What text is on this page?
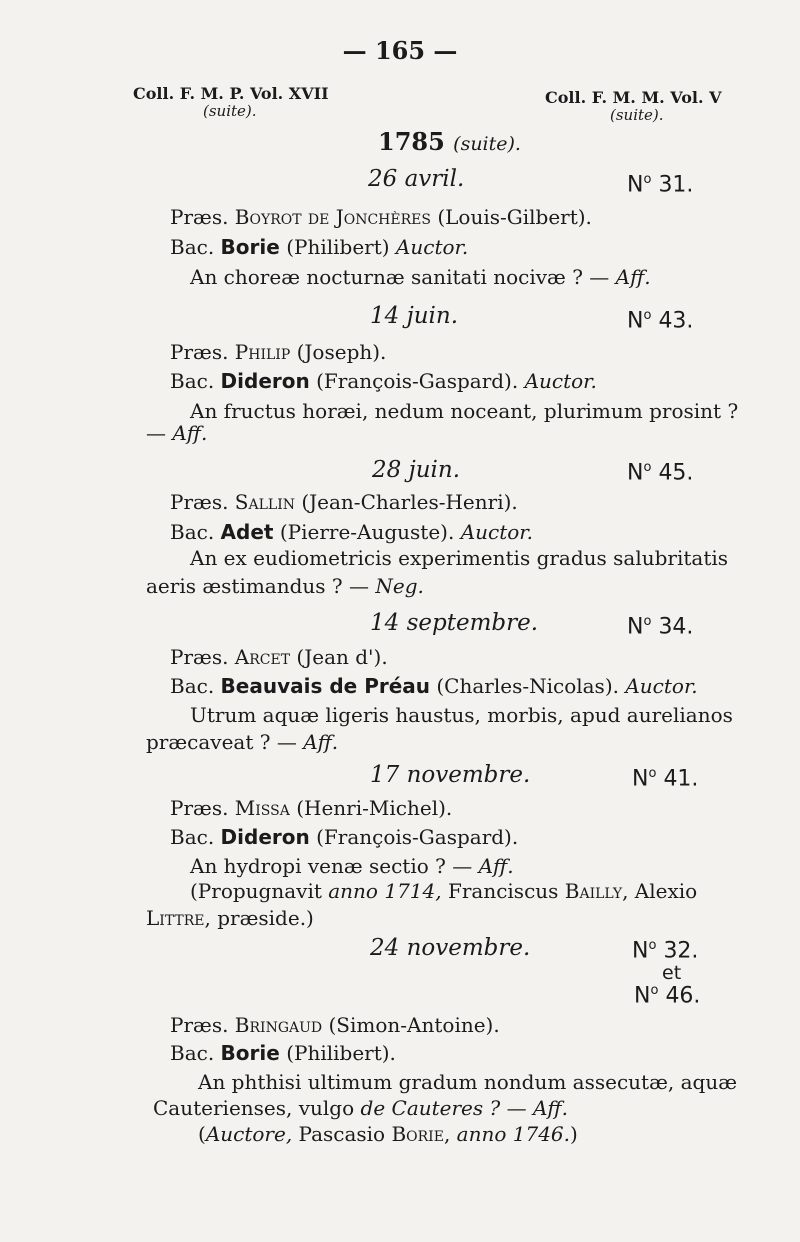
— 165 —
Coll. F. M. P. Vol. XVII
(suite).
Coll. F. M. M. Vol. V
(suite).
1785 (suite).
26 avril.	$N^o$ 31.
Præs. Boyrot de Jonchères (Louis-Gilbert).
Bac. Borie (Philibert) Auctor.
An choreæ nocturnæ sanitati nocivæ ? — Aff.
14 juin.	$N^o$ 43.
Præs. Philip (Joseph).
Bac. Dideron (François-Gaspard). Auctor.
An fructus horæi, nedum noceant, plurimum prosint ?
— Aff.
28 juin.	$N^o$ 45.
Præs. Sallin (Jean-Charles-Henri).
Bac. Adet (Pierre-Auguste). Auctor.
An ex eudiometricis experimentis gradus salubritatis
aeris æstimandus ? — Neg.
14 septembre.	$N^o$ 34.
Præs. Arcet (Jean d').
Bac. Beauvais de Préau (Charles-Nicolas). Auctor.
Utrum aquæ ligeris haustus, morbis, apud aurelianos
præcaveat ? — Aff.
17 novembre.	$N^o$ 41.
Præs. Missa (Henri-Michel).
Bac. Dideron (François-Gaspard).
An hydropi venæ sectio ? — Aff.
(Propugnavit anno 1714, Franciscus Bailly, Alexio
Littre, præside.)
24 novembre.	$N^o$ 32.
et
$N^o$ 46.
Præs. Bringaud (Simon-Antoine).
Bac. Borie (Philibert).
An phthisi ultimum gradum nondum assecutæ, aquæ
Cauterienses, vulgo de Cauteres ? — Aff.
(Auctore, Pascasio Borie, anno 1746.)
